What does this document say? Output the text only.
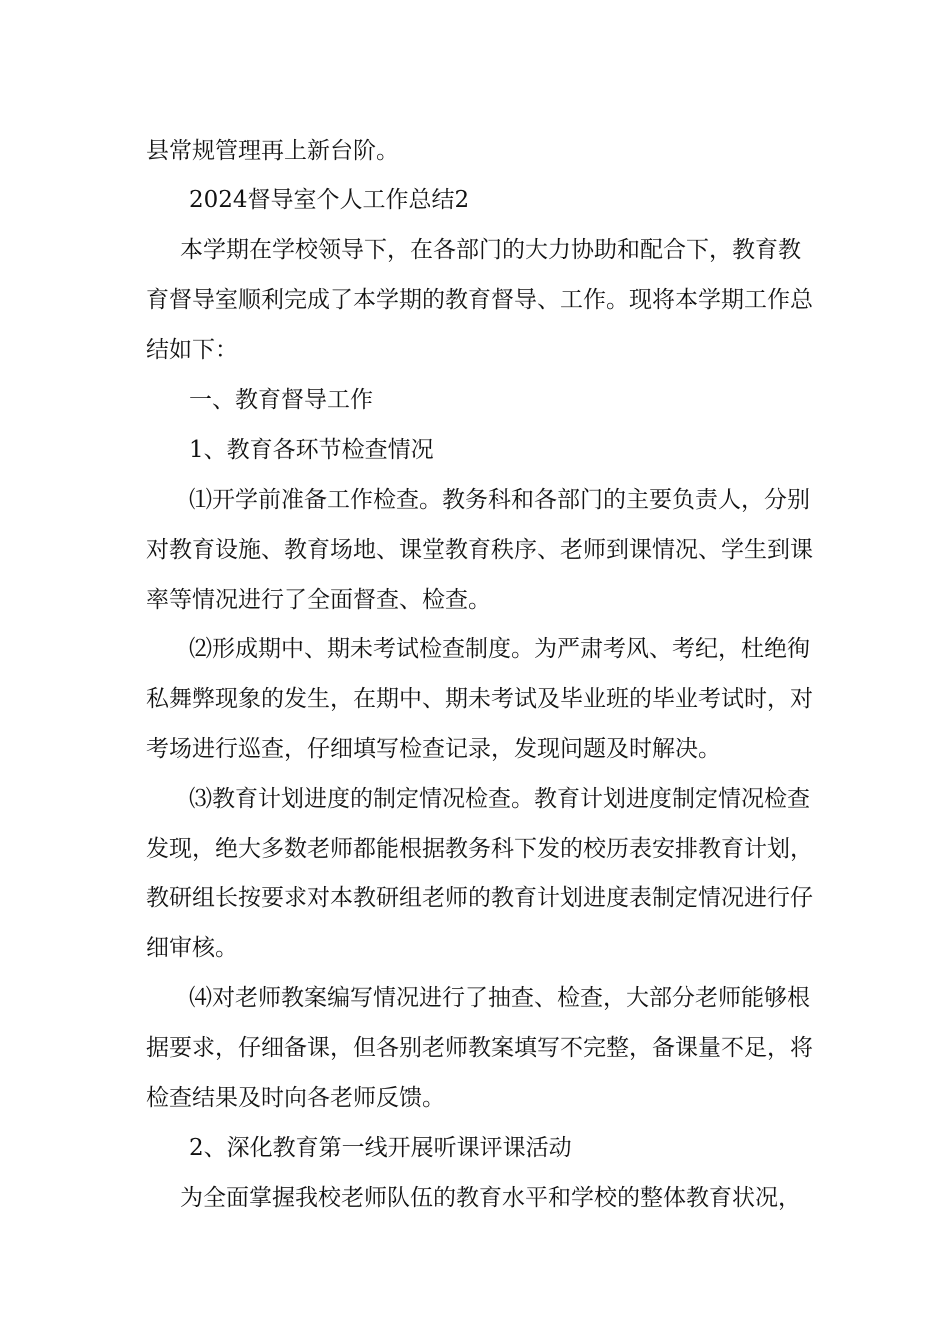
县常规管理再上新台阶。
2024督导室个人工作总结2
本学期在学校领导下，在各部门的大力协助和配合下，教育教
育督导室顺利完成了本学期的教育督导、工作。现将本学期工作总
结如下：
一、教育督导工作
1、教育各环节检查情况
⑴开学前准备工作检查。教务科和各部门的主要负责人，分别
对教育设施、教育场地、课堂教育秩序、老师到课情况、学生到课
率等情况进行了全面督查、检查。
⑵形成期中、期未考试检查制度。为严肃考风、考纪，杜绝徇
私舞弊现象的发生，在期中、期未考试及毕业班的毕业考试时，对
考场进行巡查，仔细填写检查记录，发现问题及时解决。
⑶教育计划进度的制定情况检查。教育计划进度制定情况检查
发现，绝大多数老师都能根据教务科下发的校历表安排教育计划，
教研组长按要求对本教研组老师的教育计划进度表制定情况进行仔
细审核。
⑷对老师教案编写情况进行了抽查、检查，大部分老师能够根
据要求，仔细备课，但各别老师教案填写不完整，备课量不足，将
检查结果及时向各老师反馈。
2、深化教育第一线开展听课评课活动
为全面掌握我校老师队伍的教育水平和学校的整体教育状况，
